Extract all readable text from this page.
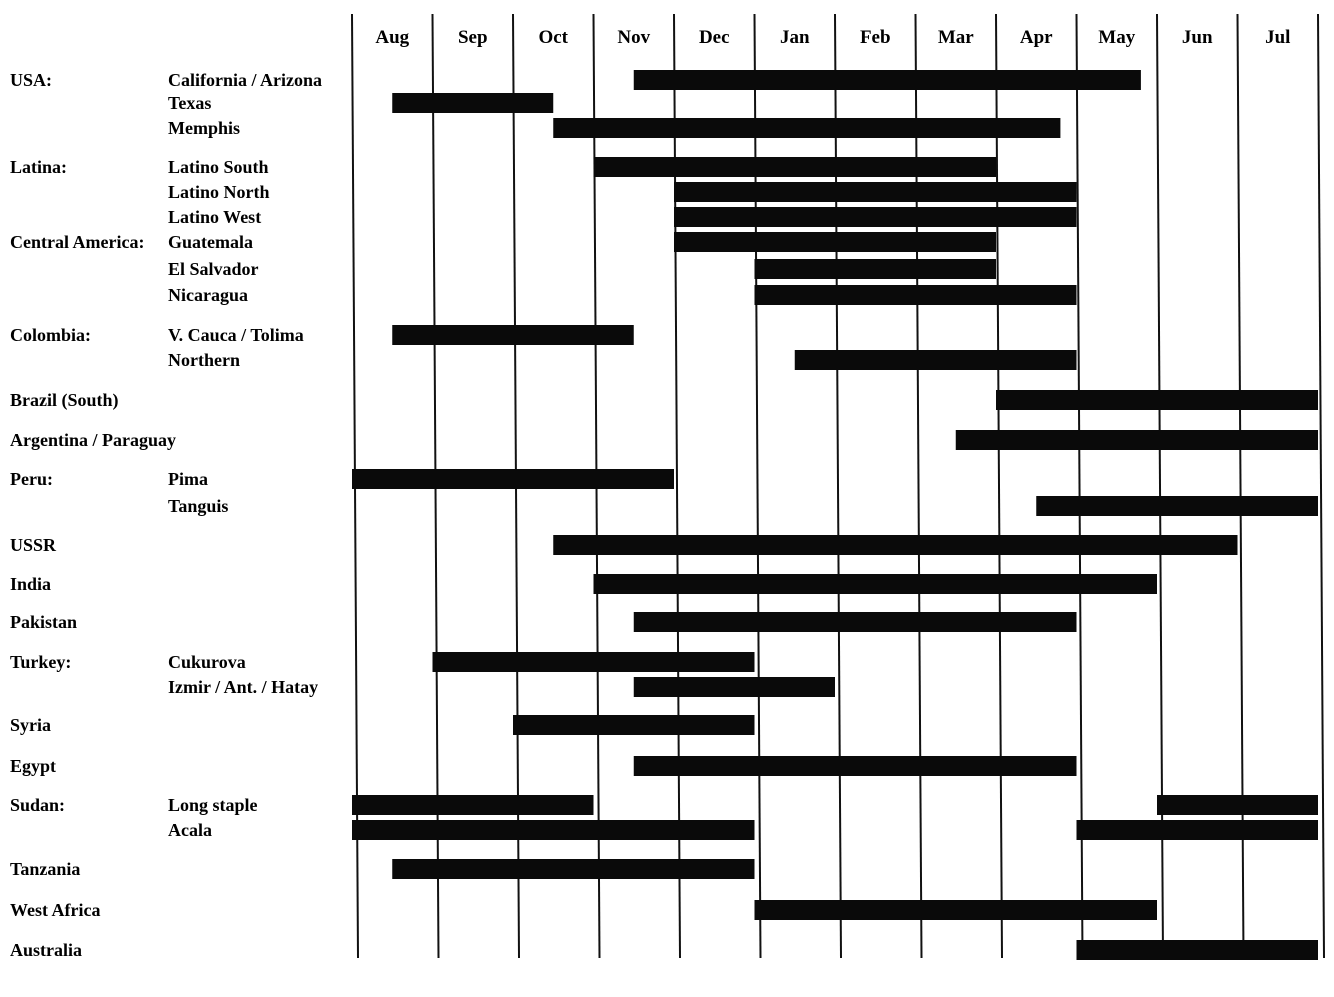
Aug	Sep	Oct	Nov	Dec	Jan	Feb Mar Apr May Jun	Jul
USA:	California / Arizona
Texas
Memphis
Latina:	Latino South
Latino North
Latino West
Central America: Guatemala
El Salvador
Nicaragua
Colombia:	V. Cauca / Tolima
Northern
Brazil (South)
Argentina / Paraguay
Peru:	Pima
Tanguis
USSR
India
Pakistan
Turkey:	Cukurova
Izmir / Ant. / Hatay
Syria
Egypt
Sudan:	Long staple
Acala
Tanzania
West Africa
Australia
